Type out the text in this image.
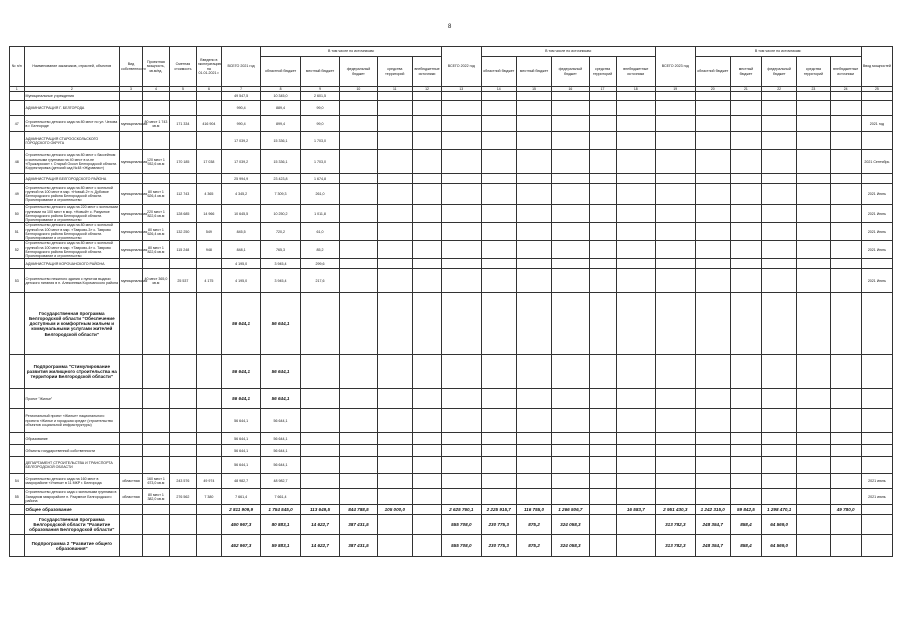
8
№ п/п	Наименование заказчиков, отраслей, объектов	Вид собственности	Проектная мощность, кв.м/ед.	Сметная стоимость	Введено в эксплуатацию на 01.01.2021 г.	ВСЕГО 2021 год	В том числе по источникам:					ВСЕГО 2022 год	В том числе по источникам:					ВСЕГО 2023 год	В том числе по источникам:					Ввод мощностей
							областной бюджет	местный бюджет	федеральный бюджет	средства территорий	внебюджетные источники		областной бюджет	местный бюджет	федеральный бюджет	средства территорий	внебюджетные источники		областной бюджет	местный бюджет	федеральный бюджет	средства территорий	внебюджетные источники	
1	2	3	4	5	6	7	8	9	10	11	12	13	14	15	16	17	18	19	20	21	22	23	24	25
	Муниципальные учреждения					49 547,5	10 345,0	2 601,5																
	АДМИНИСТРАЦИЯ Г. БЕЛГОРОДА					990,4	889,4	99,0																
47	Строительство детского сада на 80 мест по ул. Чехова в г. Белгороде	муниципальная	80 мест 1 743 кв.м	171 334	416 904	990,4	899,4	99,0																2021 год
	АДМИНИСТРАЦИЯ СТАРООСКОЛЬСКОГО ГОРОДСКОГО ОКРУГА					17 039,2	15 336,1	1 703,0																
48	Строительство детского сада на 80 мест с бассейном и ясельными группами на 40 мест в м-не «Пушкарская» г. Старый Оскол Белгородской области. Корректировка (детский сад №48 «Журавлик»)	муниципальная	120 мест 1 932,6 кв.м	170 185	17 038	17 039,2	15 336,1	1 703,0																2021 Сентябрь
	АДМИНИСТРАЦИЯ БЕЛГОРОДСКОГО РАЙОНА					25 994,9	23 423,8	1 674,8																
49	Строительство детского сада на 80 мест с ясельной группой на 100 мест в мкр. «Новый-2» п. Дубовое Белгородского района Белгородской области. Проектирование и строительство	муниципальная	80 мест 1 626,4 кв.м	112 743	4 365	4 345,2	7 309,3	261,0																2021 Июнь
50	Строительство детского сада на 220 мест с ясельными группами на 100 мест в мкр. «Новый» с. Разумное Белгородского района Белгородской области. Проектирование и строительство	муниципальная	220 мест 1 822,6 кв.м	128 685	14 966	10 645,5	10 250,2	1 011,8																2021 Июнь
51	Строительство детского сада на 80 мест с ясельной группой на 100 мест в мкр. «Таврово-3» с. Таврово Белгородского района Белгородской области. Проектирование и строительство	муниципальная	80 мест 1 626,4 кв.м	132 250	549	845,5	720,2	61,0																2021 Июнь
52	Строительство детского сада на 80 мест с ясельной группой на 100 мест в мкр. «Таврово-4» с. Таврово Белгородского района Белгородской области. Проектирование и строительство	муниципальная	80 мест 1 822,6 кв.м	115 248	948	848,1	765,3	85,2																2021 Июнь
	АДМИНИСТРАЦИЯ КОРОЧАНСКОГО РАЙОНА					4 195,0	3 945,4	299,6																
53	Строительство нежилого здания с пунктом выдачи детского питания в п. Алексеевка Корочанского района	муниципальная	40 мест 365,0 кв.м	25 537	4 175	4 195,0	3 945,4	217,6																2021 Июнь
	Государственная программа Белгородской области "Обеспечение доступным и комфортным жильем и коммунальными услугами жителей Белгородской области"					56 644,1	56 644,1																	
	Подпрограмма "Стимулирование развития жилищного строительства на территории Белгородской области"					56 644,1	56 644,1																	
	Проект "Жилье"					56 644,1	56 644,1																	
	Региональный проект «Жилье» национального проекта «Жилье и городская среда» (строительство объектов социальной инфраструктуры)					56 644,1	56 644,1																	
	Образование					56 644,1	56 644,1																	
	Объекты государственной собственности					56 644,1	56 644,1																	
	ДЕПАРТАМЕНТ СТРОИТЕЛЬСТВА И ТРАНСПОРТА БЕЛГОРОДСКОЙ ОБЛАСТИ					56 644,1	56 644,1																	
54	Строительство детского сада на 160 мест в микрорайоне «Улитка» в 11 МКР г. Белгорода	областная	160 мест 1 673,0 кв.м	243 576	49 974	48 982,7	48 982,7																	2021 июль
55	Строительство детского сада с ясельными группами в Западном микрорайоне п. Разумное Белгородского района	областная	80 мест 1 382,0 кв.м	276 562	7 380	7 661,4	7 661,4																	2021 июль
	Общее образование					2 811 909,9	1 754 545,0	113 649,5	844 788,5	105 000,0		2 625 760,1	2 225 915,7	116 755,0	1 266 506,7		16 583,7	2 951 430,3	1 242 315,0	59 842,5	1 298 470,1		49 780,0	
	Государственная программа Белгородской области "Развитие образования Белгородской области"					460 967,3	80 883,1	14 622,7	387 431,5			555 708,0	230 775,3	875,2	324 058,3			313 782,3	248 354,7	858,4	64 569,0			
	Подпрограмма 2 "Развитие общего образования"					462 967,3	59 883,1	14 622,7	387 431,5			555 708,0	230 775,3	875,2	324 058,3			313 782,3	248 354,7	858,4	64 569,0			
